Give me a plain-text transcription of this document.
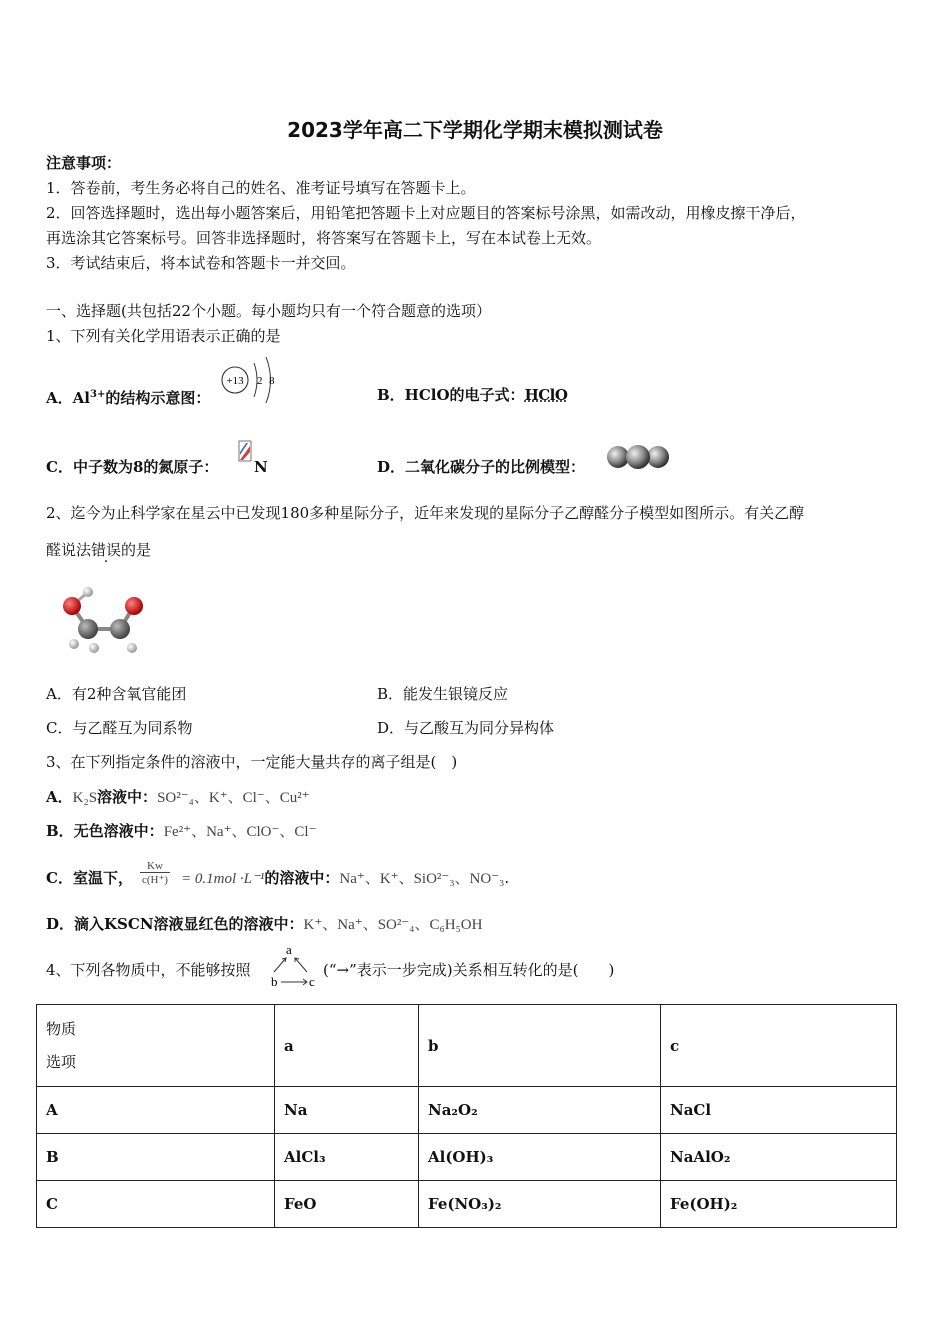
2023学年高二下学期化学期末模拟测试卷
注意事项：
1．答卷前，考生务必将自己的姓名、准考证号填写在答题卡上。
2．回答选择题时，选出每小题答案后，用铅笔把答题卡上对应题目的答案标号涂黑，如需改动，用橡皮擦干净后，
再选涂其它答案标号。回答非选择题时，将答案写在答题卡上，写在本试卷上无效。
3．考试结束后，将本试卷和答题卡一并交回。
一、选择题(共包括22个小题。每小题均只有一个符合题意的选项）
1、下列有关化学用语表示正确的是
A．$Al^{3+}$的结构示意图：
+13 2 8
B．HClO的电子式：HClO
C．中子数为8的氮原子： N	D．二氧化碳分子的比例模型：
2、迄今为止科学家在星云中已发现180多种星际分子，近年来发现的星际分子乙醇醛分子模型如图所示。有关乙醇
醛说法错误的是
A．有2种含氧官能团	B．能发生银镜反应
C．与乙醛互为同系物	D．与乙酸互为同分异构体
3、在下列指定条件的溶液中，一定能大量共存的离子组是(　)
A．K₂S溶液中：SO²⁻₄、K⁺、Cl⁻、Cu²⁺
B．无色溶液中：Fe²⁺、Na⁺、ClO⁻、Cl⁻
C．室温下， $\frac{Kw}{c(H^+)} = 0.1mol \cdot L^{-1}$的溶液中：Na⁺、K⁺、SiO²⁻₃、NO⁻₃.
D．滴入KSCN溶液显红色的溶液中：K⁺、Na⁺、SO²⁻₄、C₆H₅OH
4、下列各物质中，不能够按照
a
b c
(“→”表示一步完成)关系相互转化的是(　　)
物质
选项	a	b	c
A	Na	Na₂O₂	NaCl
B	AlCl₃	Al(OH)₃	NaAlO₂
C	FeO	Fe(NO₃)₂	Fe(OH)₂
